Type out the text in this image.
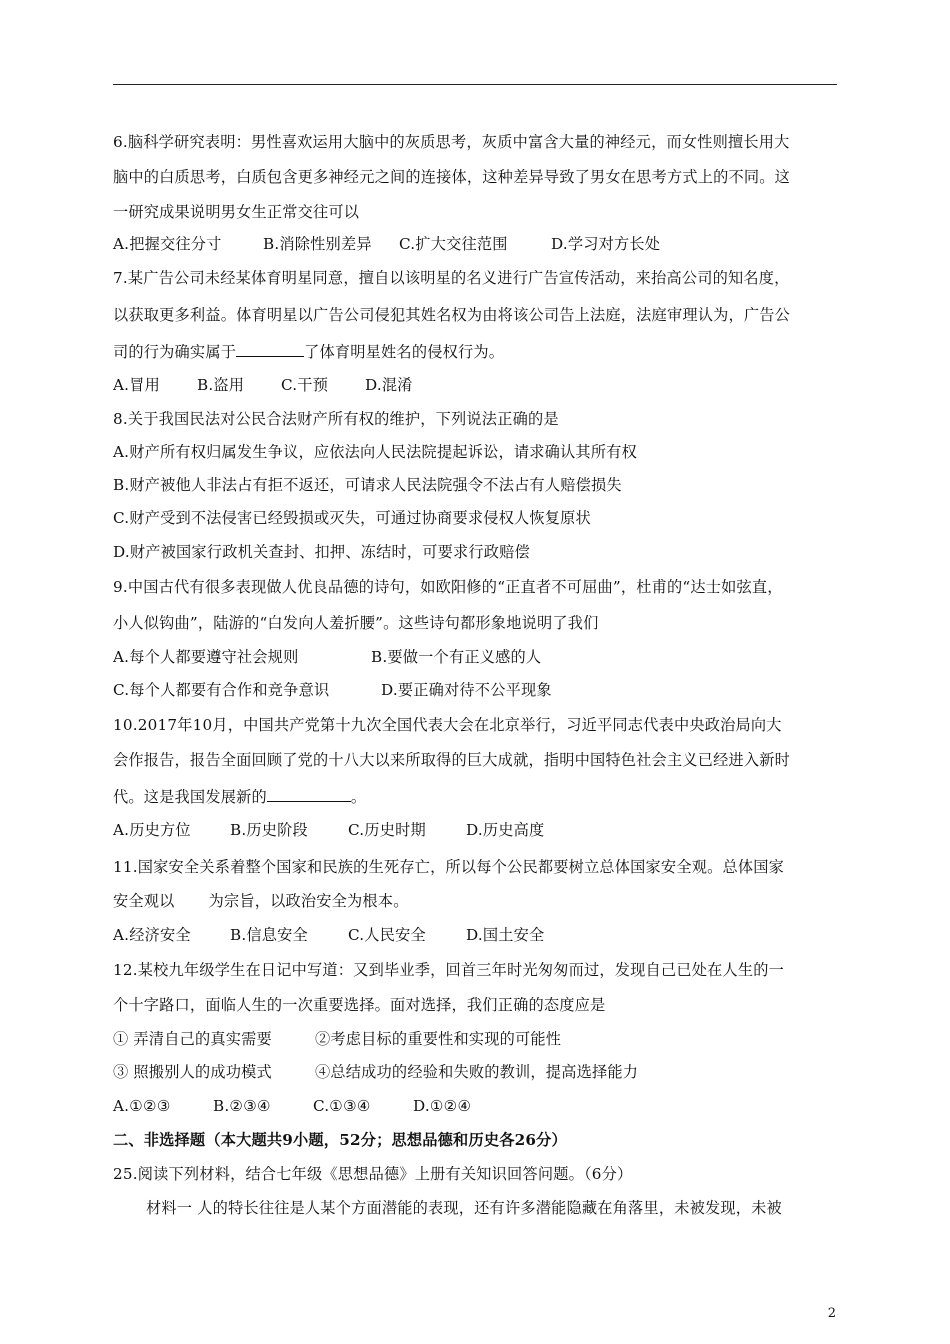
6.脑科学研究表明：男性喜欢运用大脑中的灰质思考，灰质中富含大量的神经元，而女性则擅长用大
脑中的白质思考，白质包含更多神经元之间的连接体，这种差异导致了男女在思考方式上的不同。这
一研究成果说明男女生正常交往可以
A.把握交往分寸	B.消除性别差异 C.扩大交往范围	D.学习对方长处
7.某广告公司未经某体育明星同意，擅自以该明星的名义进行广告宣传活动，来抬高公司的知名度，
以获取更多利益。体育明星以广告公司侵犯其姓名权为由将该公司告上法庭，法庭审理认为，广告公
司的行为确实属于	了体育明星姓名的侵权行为。
A.冒用 B.盗用 C.干预 D.混淆
8.关于我国民法对公民合法财产所有权的维护，下列说法正确的是
A.财产所有权归属发生争议，应依法向人民法院提起诉讼，请求确认其所有权
B.财产被他人非法占有拒不返还，可请求人民法院强令不法占有人赔偿损失
C.财产受到不法侵害已经毁损或灭失，可通过协商要求侵权人恢复原状
D.财产被国家行政机关查封、扣押、冻结时，可要求行政赔偿
9.中国古代有很多表现做人优良品德的诗句，如欧阳修的“正直者不可屈曲”，杜甫的“达士如弦直，
小人似钩曲”，陆游的“白发向人羞折腰”。这些诗句都形象地说明了我们
A.每个人都要遵守社会规则	B.要做一个有正义感的人
C.每个人都要有合作和竞争意识	D.要正确对待不公平现象
10.2017年10月，中国共产党第十九次全国代表大会在北京举行，习近平同志代表中央政治局向大
会作报告，报告全面回顾了党的十八大以来所取得的巨大成就，指明中国特色社会主义已经进入新时
代。这是我国发展新的	。
A.历史方位	B.历史阶段	C.历史时期	D.历史高度
11.国家安全关系着整个国家和民族的生死存亡，所以每个公民都要树立总体国家安全观。总体国家
安全观以 为宗旨，以政治安全为根本。
A.经济安全	B.信息安全	C.人民安全	D.国土安全
12.某校九年级学生在日记中写道：又到毕业季，回首三年时光匆匆而过，发现自己已处在人生的一
个十字路口，面临人生的一次重要选择。面对选择，我们正确的态度应是
① 弄清自己的真实需要	②考虑目标的重要性和实现的可能性
③ 照搬别人的成功模式	④总结成功的经验和失败的教训，提高选择能力
A.①②③	B.②③④	C.①③④	D.①②④
二、非选择题（本大题共9小题，52分；思想品德和历史各26分）
25.阅读下列材料，结合七年级《思想品德》上册有关知识回答问题。（6分）
材料一 人的特长往往是人某个方面潜能的表现，还有许多潜能隐藏在角落里，未被发现，未被
2
